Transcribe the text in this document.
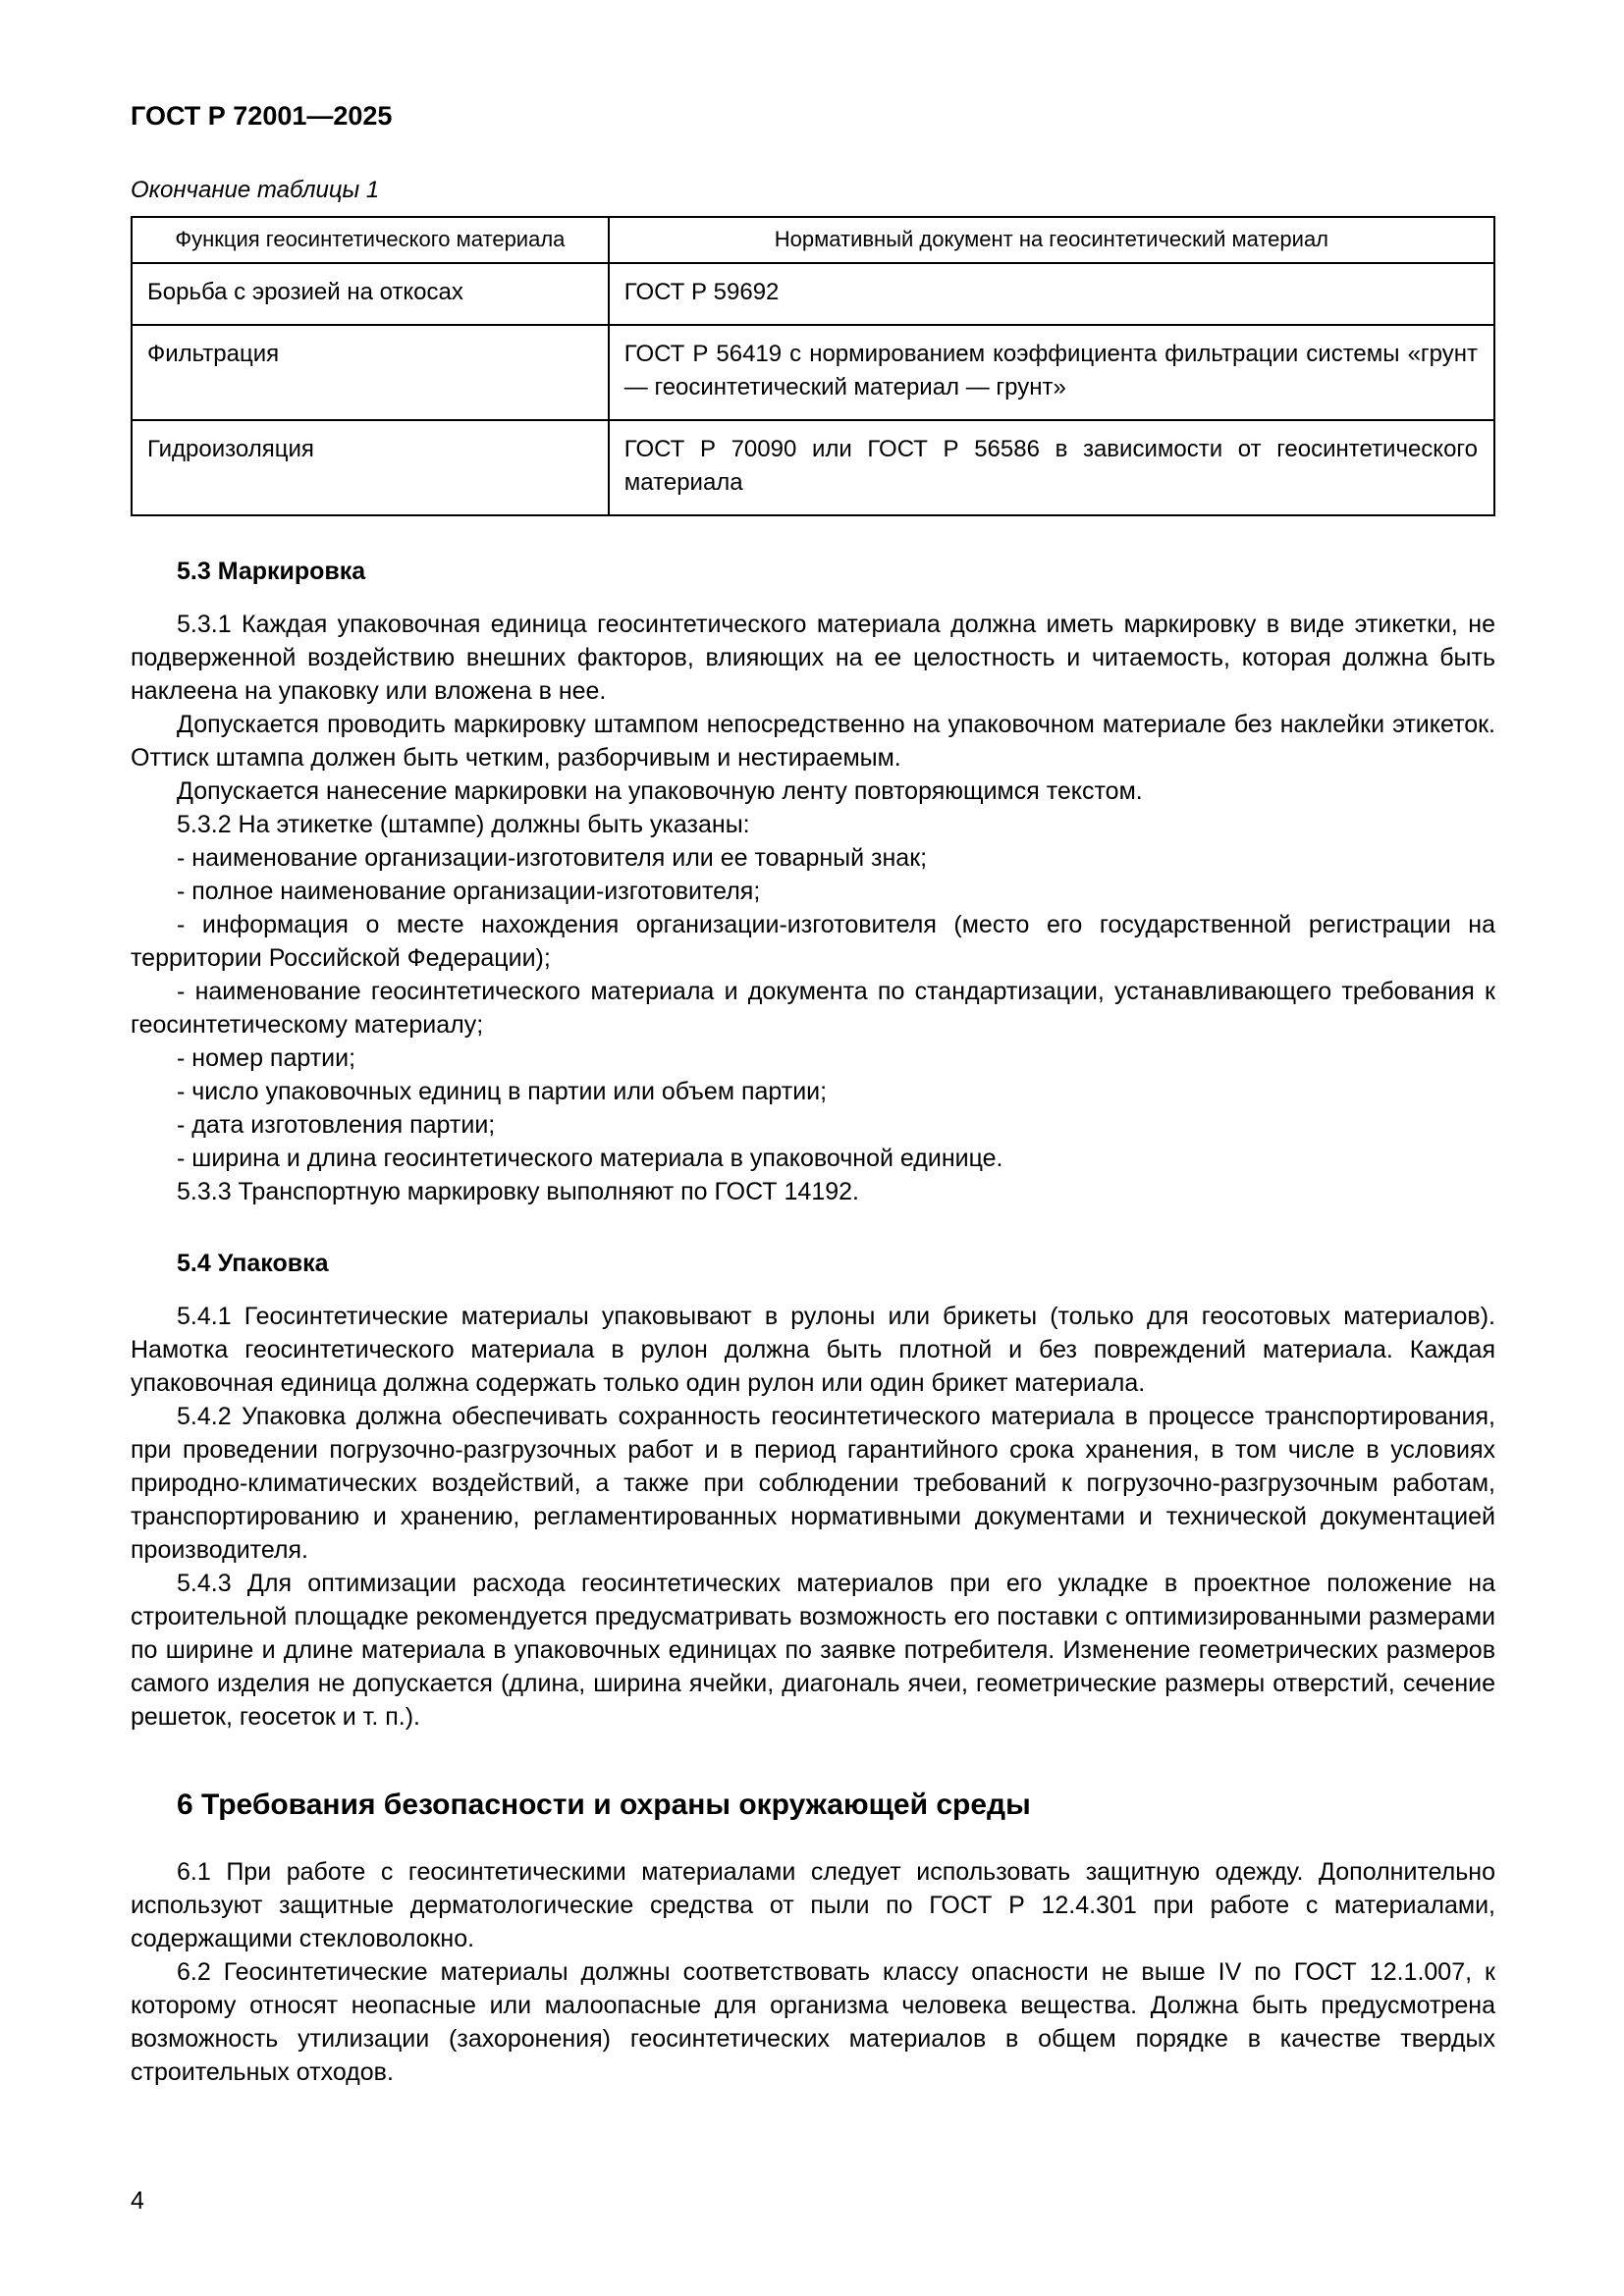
ГОСТ Р 72001—2025
Окончание таблицы 1
Функция геосинтетического материала	Нормативный документ на геосинтетический материал
Борьба с эрозией на откосах	ГОСТ Р 59692
Фильтрация	ГОСТ Р 56419 с нормированием коэффициента фильтрации системы «грунт — геосинтетический материал — грунт»
Гидроизоляция	ГОСТ Р 70090 или ГОСТ Р 56586 в зависимости от геосинтетического материала
5.3 Маркировка

5.3.1 Каждая упаковочная единица геосинтетического материала должна иметь маркировку в виде этикетки, не подверженной воздействию внешних факторов, влияющих на ее целостность и читаемость, которая должна быть наклеена на упаковку или вложена в нее.

Допускается проводить маркировку штампом непосредственно на упаковочном материале без наклейки этикеток. Оттиск штампа должен быть четким, разборчивым и нестираемым.

Допускается нанесение маркировки на упаковочную ленту повторяющимся текстом.

5.3.2 На этикетке (штампе) должны быть указаны:

- наименование организации-изготовителя или ее товарный знак;

- полное наименование организации-изготовителя;

- информация о месте нахождения организации-изготовителя (место его государственной регистрации на территории Российской Федерации);

- наименование геосинтетического материала и документа по стандартизации, устанавливающего требования к геосинтетическому материалу;

- номер партии;

- число упаковочных единиц в партии или объем партии;

- дата изготовления партии;

- ширина и длина геосинтетического материала в упаковочной единице.

5.3.3 Транспортную маркировку выполняют по ГОСТ 14192.

5.4 Упаковка

5.4.1 Геосинтетические материалы упаковывают в рулоны или брикеты (только для геосотовых материалов). Намотка геосинтетического материала в рулон должна быть плотной и без повреждений материала. Каждая упаковочная единица должна содержать только один рулон или один брикет материала.

5.4.2 Упаковка должна обеспечивать сохранность геосинтетического материала в процессе транспортирования, при проведении погрузочно-разгрузочных работ и в период гарантийного срока хранения, в том числе в условиях природно-климатических воздействий, а также при соблюдении требований к погрузочно-разгрузочным работам, транспортированию и хранению, регламентированных нормативными документами и технической документацией производителя.

5.4.3 Для оптимизации расхода геосинтетических материалов при его укладке в проектное положение на строительной площадке рекомендуется предусматривать возможность его поставки с оптимизированными размерами по ширине и длине материала в упаковочных единицах по заявке потребителя. Изменение геометрических размеров самого изделия не допускается (длина, ширина ячейки, диагональ ячеи, геометрические размеры отверстий, сечение решеток, геосеток и т. п.).

6 Требования безопасности и охраны окружающей среды

6.1 При работе с геосинтетическими материалами следует использовать защитную одежду. Дополнительно используют защитные дерматологические средства от пыли по ГОСТ Р 12.4.301 при работе с материалами, содержащими стекловолокно.

6.2 Геосинтетические материалы должны соответствовать классу опасности не выше IV по ГОСТ 12.1.007, к которому относят неопасные или малоопасные для организма человека вещества. Должна быть предусмотрена возможность утилизации (захоронения) геосинтетических материалов в общем порядке в качестве твердых строительных отходов.

4
